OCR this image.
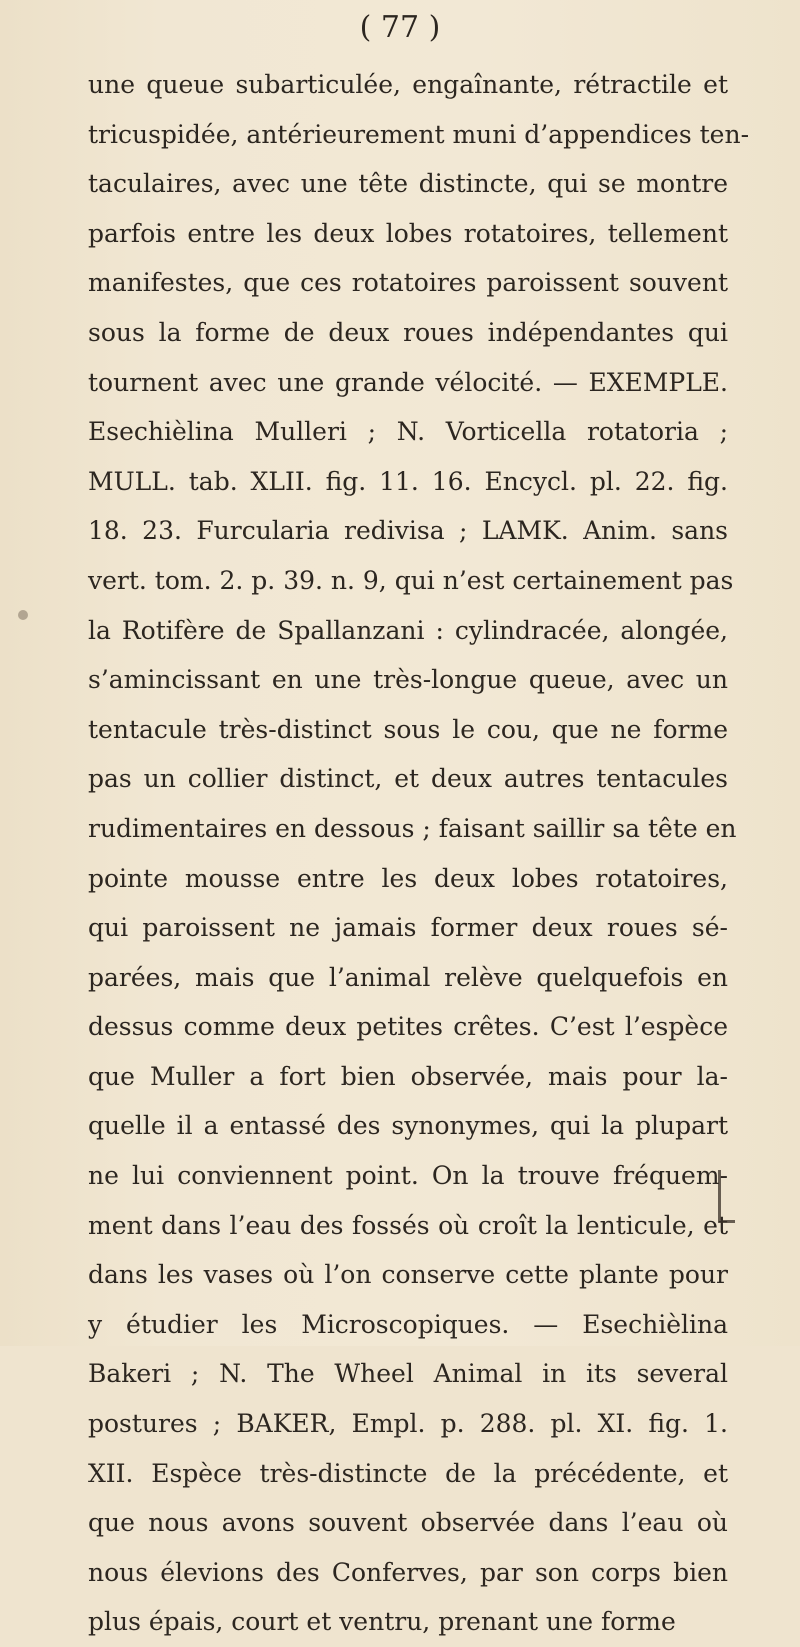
( 77 )
une queue subarticulée, engaînante, rétractile et
tricuspidée, antérieurement muni d’appendices ten-
taculaires, avec une tête distincte, qui se montre
parfois entre les deux lobes rotatoires, tellement
manifestes, que ces rotatoires paroissent souvent
sous la forme de deux roues indépendantes qui
tournent avec une grande vélocité. — EXEMPLE.
Esechièlina Mulleri ; N. Vorticella rotatoria ;
MULL. tab. XLII. fig. 11. 16. Encycl. pl. 22. fig.
18. 23. Furcularia redivisa ; LAMK. Anim. sans
vert. tom. 2. p. 39. n. 9, qui n’est certainement pas
la Rotifère de Spallanzani : cylindracée, alongée,
s’amincissant en une très-longue queue, avec un
tentacule très-distinct sous le cou, que ne forme
pas un collier distinct, et deux autres tentacules
rudimentaires en dessous ; faisant saillir sa tête en
pointe mousse entre les deux lobes rotatoires,
qui paroissent ne jamais former deux roues sé-
parées, mais que l’animal relève quelquefois en
dessus comme deux petites crêtes. C’est l’espèce
que Muller a fort bien observée, mais pour la-
quelle il a entassé des synonymes, qui la plupart
ne lui conviennent point. On la trouve fréquem-
ment dans l’eau des fossés où croît la lenticule, et
dans les vases où l’on conserve cette plante pour
y étudier les Microscopiques. — Esechièlina
Bakeri ; N. The Wheel Animal in its several
postures ; BAKER, Empl. p. 288. pl. XI. fig. 1.
XII. Espèce très-distincte de la précédente, et
que nous avons souvent observée dans l’eau où
nous élevions des Conferves, par son corps bien
plus épais, court et ventru, prenant une forme
